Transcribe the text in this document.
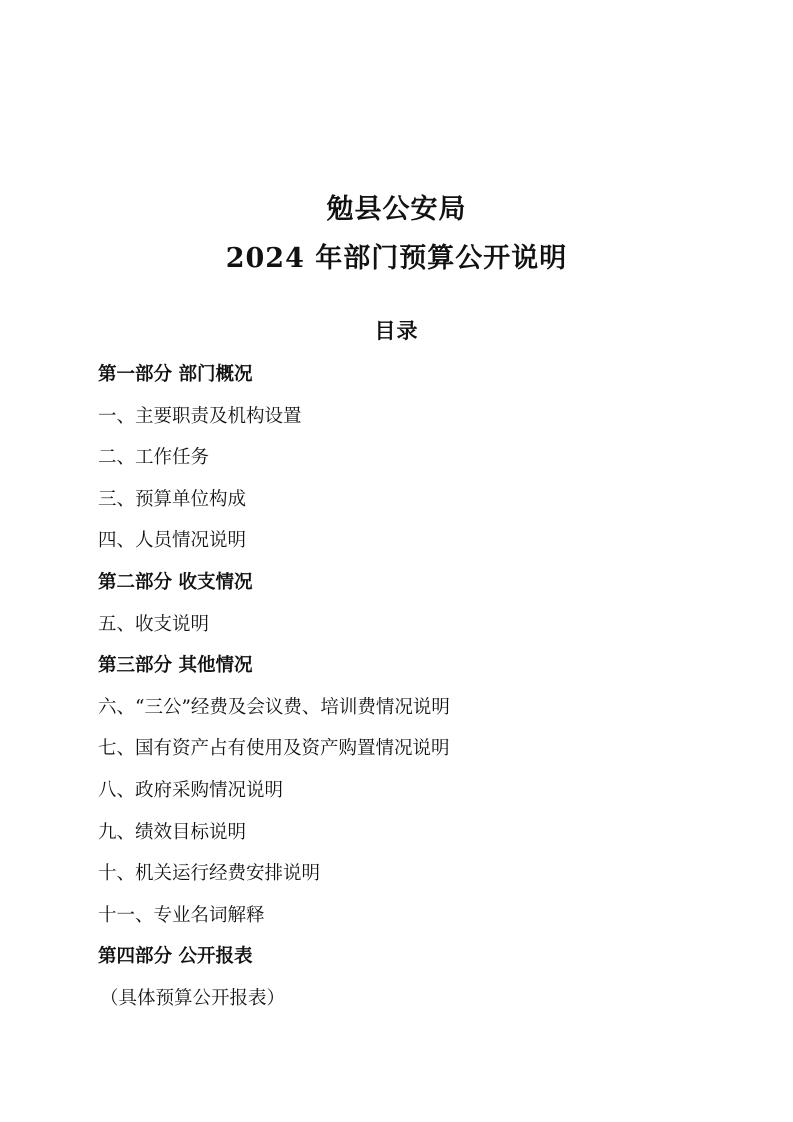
勉县公安局
2024 年部门预算公开说明
目录
第一部分 部门概况
一、主要职责及机构设置
二、工作任务
三、预算单位构成
四、人员情况说明
第二部分 收支情况
五、收支说明
第三部分 其他情况
六、“三公”经费及会议费、培训费情况说明
七、国有资产占有使用及资产购置情况说明
八、政府采购情况说明
九、绩效目标说明
十、机关运行经费安排说明
十一、专业名词解释
第四部分 公开报表
（具体预算公开报表）
